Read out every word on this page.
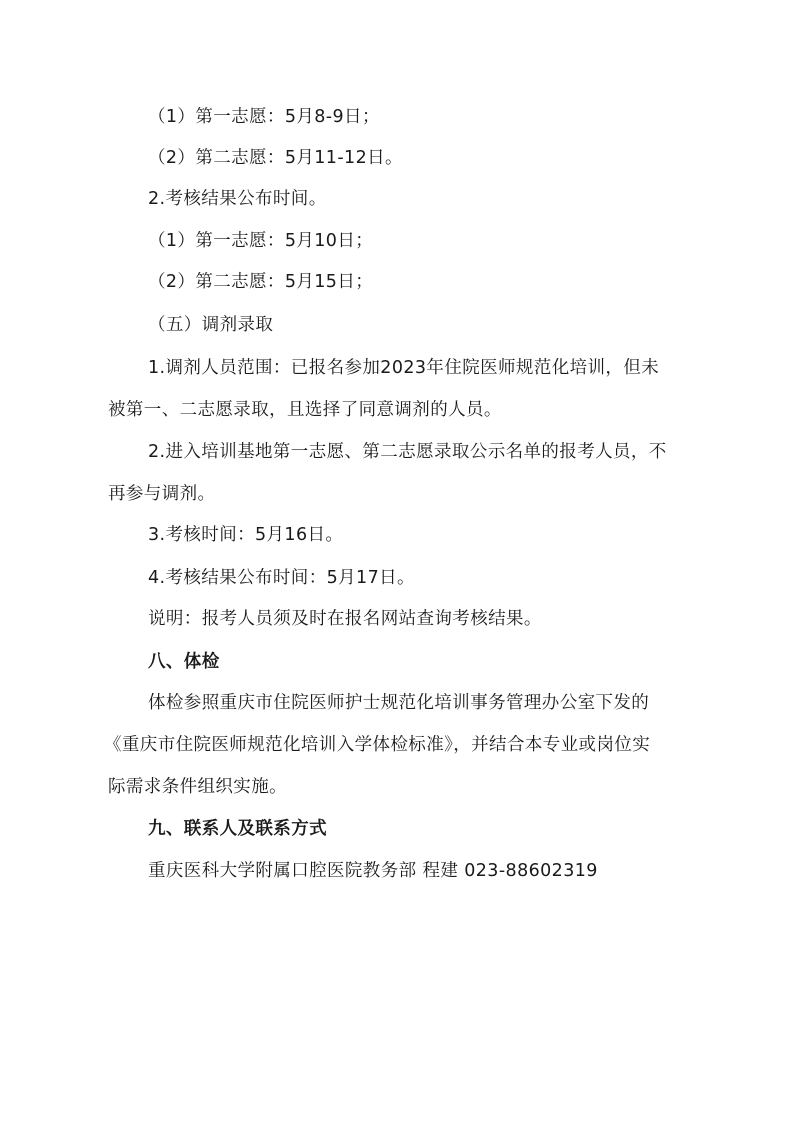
（1）第一志愿：5月8-9日；
（2）第二志愿：5月11-12日。
2.考核结果公布时间。
（1）第一志愿：5月10日；
（2）第二志愿：5月15日；
（五）调剂录取
1.调剂人员范围：已报名参加2023年住院医师规范化培训，但未
被第一、二志愿录取，且选择了同意调剂的人员。
2.进入培训基地第一志愿、第二志愿录取公示名单的报考人员，不
再参与调剂。
3.考核时间：5月16日。
4.考核结果公布时间：5月17日。
说明：报考人员须及时在报名网站查询考核结果。
八、体检
体检参照重庆市住院医师护士规范化培训事务管理办公室下发的
《重庆市住院医师规范化培训入学体检标准》，并结合本专业或岗位实
际需求条件组织实施。
九、联系人及联系方式
重庆医科大学附属口腔医院教务部 程建 023-88602319
